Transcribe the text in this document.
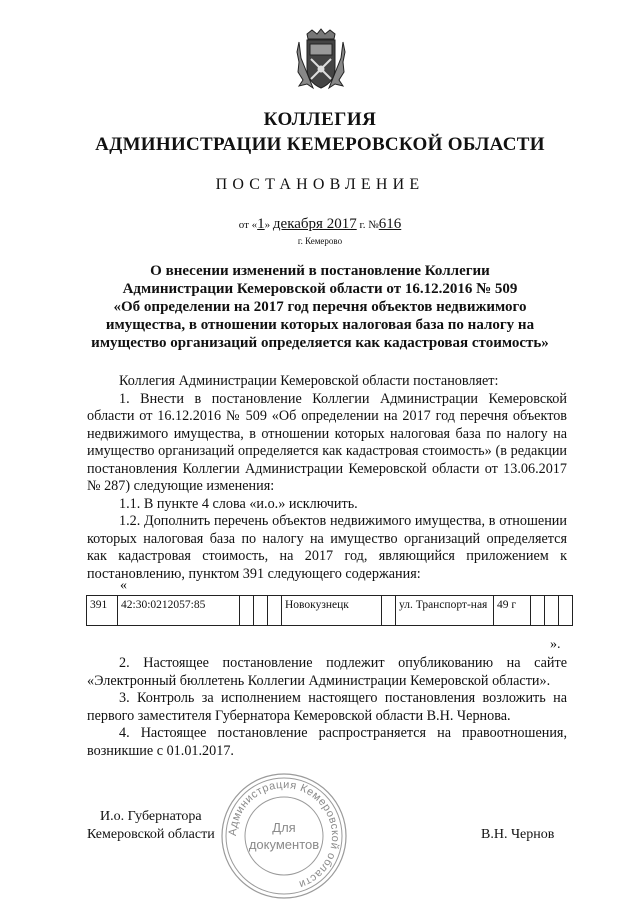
КОЛЛЕГИЯ
АДМИНИСТРАЦИИ КЕМЕРОВСКОЙ ОБЛАСТИ
ПОСТАНОВЛЕНИЕ
от «1» декабря 2017 г. №616
г. Кемерово
О внесении изменений в постановление Коллегии
Администрации Кемеровской области от 16.12.2016 № 509
«Об определении на 2017 год перечня объектов недвижимого
имущества, в отношении которых налоговая база по налогу на
имущество организаций определяется как кадастровая стоимость»

Коллегия Администрации Кемеровской области постановляет:

1. Внести в постановление Коллегии Администрации Кемеровской области от 16.12.2016 № 509 «Об определении на 2017 год перечня объектов недвижимого имущества, в отношении которых налоговая база по налогу на имущество организаций определяется как кадастровая стоимость» (в редакции постановления Коллегии Администрации Кемеровской области от 13.06.2017 № 287) следующие изменения:

1.1. В пункте 4 слова «и.о.» исключить.

1.2. Дополнить перечень объектов недвижимого имущества, в отношении которых налоговая база по налогу на имущество организаций определяется как кадастровая стоимость, на 2017 год, являющийся приложением к постановлению, пунктом 391 следующего содержания:

«
391	42:30:0212057:85				Новокузнецк		ул. Транспорт-ная	49 г			
».

2. Настоящее постановление подлежит опубликованию на сайте «Электронный бюллетень Коллегии Администрации Кемеровской области».

3. Контроль за исполнением настоящего постановления возложить на первого заместителя Губернатора Кемеровской области В.Н. Чернова.

4. Настоящее постановление распространяется на правоотношения, возникшие с 01.01.2017.

Администрация Кемеровской области
Для
документов
И.о. Губернатора
Кемеровской области	В.Н. Чернов
